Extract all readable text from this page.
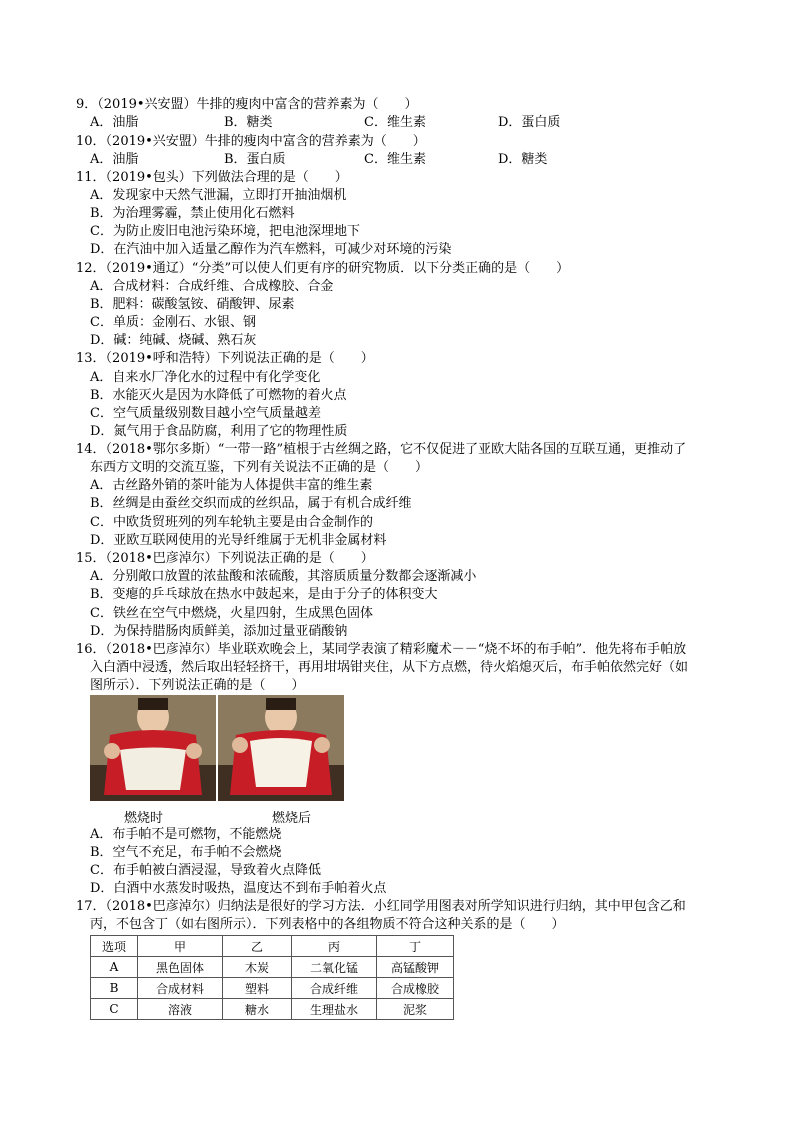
9．（2019•兴安盟）牛排的瘦肉中富含的营养素为（　　）
A．油脂	B．糖类	C．维生素	D．蛋白质
10．（2019•兴安盟）牛排的瘦肉中富含的营养素为（　　）
A．油脂	B．蛋白质	C．维生素	D．糖类
11．（2019•包头）下列做法合理的是（　　）
A．发现家中天然气泄漏，立即打开抽油烟机
B．为治理雾霾，禁止使用化石燃料
C．为防止废旧电池污染环境，把电池深埋地下
D．在汽油中加入适量乙醇作为汽车燃料，可减少对环境的污染
12．（2019•通辽）“分类”可以使人们更有序的研究物质．以下分类正确的是（　　）
A．合成材料：合成纤维、合成橡胶、合金
B．肥料：碳酸氢铵、硝酸钾、尿素
C．单质：金刚石、水银、钢
D．碱：纯碱、烧碱、熟石灰
13．（2019•呼和浩特）下列说法正确的是（　　）
A．自来水厂净化水的过程中有化学变化
B．水能灭火是因为水降低了可燃物的着火点
C．空气质量级别数目越小空气质量越差
D．氮气用于食品防腐，利用了它的物理性质
14．（2018•鄂尔多斯）“一带一路”植根于古丝绸之路，它不仅促进了亚欧大陆各国的互联互通，更推动了
东西方文明的交流互鉴，下列有关说法不正确的是（　　）
A．古丝路外销的茶叶能为人体提供丰富的维生素
B．丝绸是由蚕丝交织而成的丝织品，属于有机合成纤维
C．中欧货贸班列的列车轮轨主要是由合金制作的
D．亚欧互联网使用的光导纤维属于无机非金属材料
15．（2018•巴彦淖尔）下列说法正确的是（　　）
A．分别敞口放置的浓盐酸和浓硫酸，其溶质质量分数都会逐渐减小
B．变瘪的乒乓球放在热水中鼓起来，是由于分子的体积变大
C．铁丝在空气中燃烧，火星四射，生成黑色固体
D．为保持腊肠肉质鲜美，添加过量亚硝酸钠
16．（2018•巴彦淖尔）毕业联欢晚会上，某同学表演了精彩魔术－－“烧不坏的布手帕”．他先将布手帕放
入白酒中浸透，然后取出轻轻挤干，再用坩埚钳夹住，从下方点燃，待火焰熄灭后，布手帕依然完好（如
图所示）．下列说法正确的是（　　）
燃烧时	燃烧后
A．布手帕不是可燃物，不能燃烧
B．空气不充足，布手帕不会燃烧
C．布手帕被白酒浸湿，导致着火点降低
D．白酒中水蒸发时吸热，温度达不到布手帕着火点
17．（2018•巴彦淖尔）归纳法是很好的学习方法．小红同学用图表对所学知识进行归纳，其中甲包含乙和
丙，不包含丁（如右图所示）．下列表格中的各组物质不符合这种关系的是（　　）
选项	甲	乙	丙	丁
A	黑色固体	木炭	二氧化锰	高锰酸钾
B	合成材料	塑料	合成纤维	合成橡胶
C	溶液	糖水	生理盐水	泥浆
